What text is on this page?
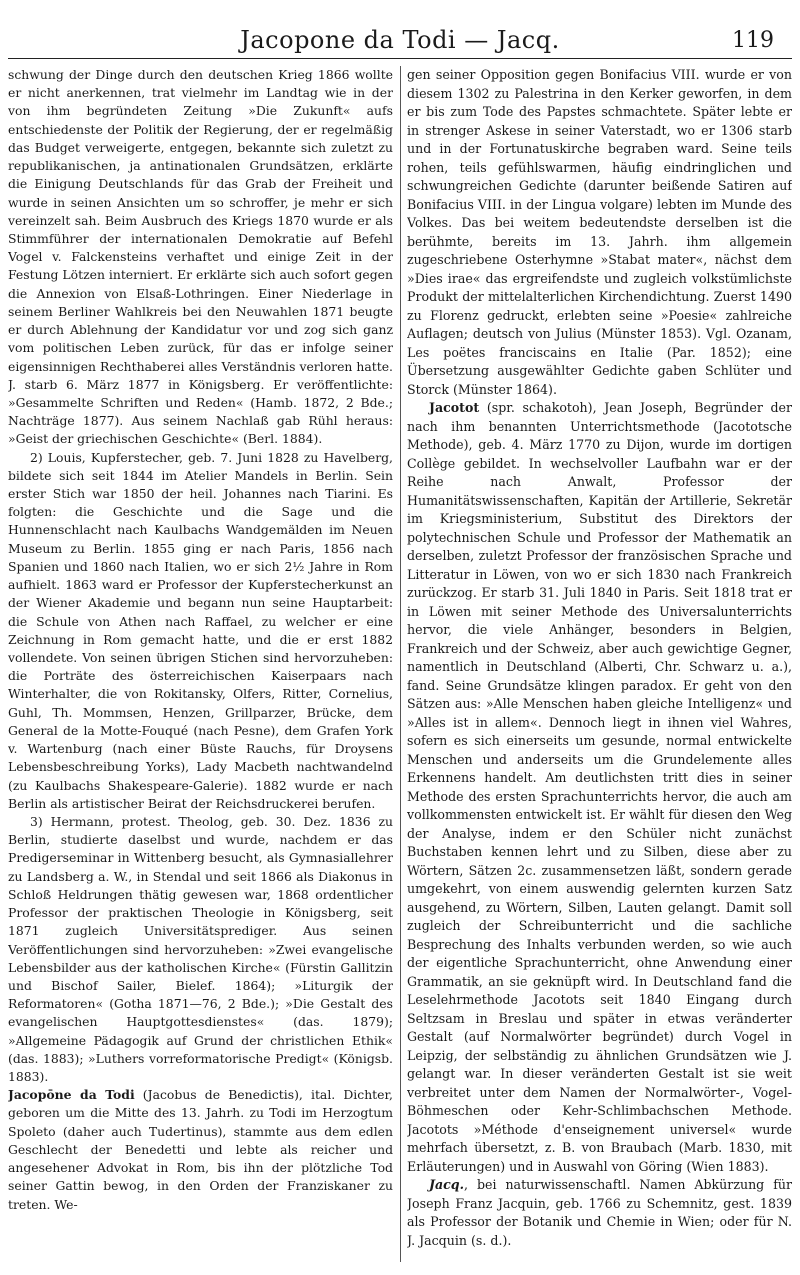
Jacopone da Todi — Jacq.	119

schwung der Dinge durch den deutschen Krieg 1866 wollte er nicht anerkennen, trat vielmehr im Landtag wie in der von ihm begründeten Zeitung »Die Zukunft« aufs entschiedenste der Politik der Regierung, der er regelmäßig das Budget verweigerte, entgegen, bekannte sich zuletzt zu republikanischen, ja antinationalen Grundsätzen, erklärte die Einigung Deutschlands für das Grab der Freiheit und wurde in seinen Ansichten um so schroffer, je mehr er sich vereinzelt sah. Beim Ausbruch des Kriegs 1870 wurde er als Stimmführer der internationalen Demokratie auf Befehl Vogel v. Falckensteins verhaftet und einige Zeit in der Festung Lötzen interniert. Er erklärte sich auch sofort gegen die Annexion von Elsaß-Lothringen. Einer Niederlage in seinem Berliner Wahlkreis bei den Neuwahlen 1871 beugte er durch Ablehnung der Kandidatur vor und zog sich ganz vom politischen Leben zurück, für das er infolge seiner eigensinnigen Rechthaberei alles Verständnis verloren hatte. J. starb 6. März 1877 in Königsberg. Er veröffentlichte: »Gesammelte Schriften und Reden« (Hamb. 1872, 2 Bde.; Nachträge 1877). Aus seinem Nachlaß gab Rühl heraus: »Geist der griechischen Geschichte« (Berl. 1884).

2) Louis, Kupferstecher, geb. 7. Juni 1828 zu Havelberg, bildete sich seit 1844 im Atelier Mandels in Berlin. Sein erster Stich war 1850 der heil. Johannes nach Tiarini. Es folgten: die Geschichte und die Sage und die Hunnenschlacht nach Kaulbachs Wandgemälden im Neuen Museum zu Berlin. 1855 ging er nach Paris, 1856 nach Spanien und 1860 nach Italien, wo er sich 2½ Jahre in Rom aufhielt. 1863 ward er Professor der Kupferstecherkunst an der Wiener Akademie und begann nun seine Hauptarbeit: die Schule von Athen nach Raffael, zu welcher er eine Zeichnung in Rom gemacht hatte, und die er erst 1882 vollendete. Von seinen übrigen Stichen sind hervorzuheben: die Porträte des österreichischen Kaiserpaars nach Winterhalter, die von Rokitansky, Olfers, Ritter, Cornelius, Guhl, Th. Mommsen, Henzen, Grillparzer, Brücke, dem General de la Motte-Fouqué (nach Pesne), dem Grafen York v. Wartenburg (nach einer Büste Rauchs, für Droysens Lebensbeschreibung Yorks), Lady Macbeth nachtwandelnd (zu Kaulbachs Shakespeare-Galerie). 1882 wurde er nach Berlin als artistischer Beirat der Reichsdruckerei berufen.

3) Hermann, protest. Theolog, geb. 30. Dez. 1836 zu Berlin, studierte daselbst und wurde, nachdem er das Predigerseminar in Wittenberg besucht, als Gymnasiallehrer zu Landsberg a. W., in Stendal und seit 1866 als Diakonus in Schloß Heldrungen thätig gewesen war, 1868 ordentlicher Professor der praktischen Theologie in Königsberg, seit 1871 zugleich Universitätsprediger. Aus seinen Veröffentlichungen sind hervorzuheben: »Zwei evangelische Lebensbilder aus der katholischen Kirche« (Fürstin Gallitzin und Bischof Sailer, Bielef. 1864); »Liturgik der Reformatoren« (Gotha 1871—76, 2 Bde.); »Die Gestalt des evangelischen Hauptgottesdienstes« (das. 1879); »Allgemeine Pädagogik auf Grund der christlichen Ethik« (das. 1883); »Luthers vorreformatorische Predigt« (Königsb. 1883).

Jacopōne da Todi (Jacobus de Benedictis), ital. Dichter, geboren um die Mitte des 13. Jahrh. zu Todi im Herzogtum Spoleto (daher auch Tudertinus), stammte aus dem edlen Geschlecht der Benedetti und lebte als reicher und angesehener Advokat in Rom, bis ihn der plötzliche Tod seiner Gattin bewog, in den Orden der Franziskaner zu treten. We-

gen seiner Opposition gegen Bonifacius VIII. wurde er von diesem 1302 zu Palestrina in den Kerker geworfen, in dem er bis zum Tode des Papstes schmachtete. Später lebte er in strenger Askese in seiner Vaterstadt, wo er 1306 starb und in der Fortunatuskirche begraben ward. Seine teils rohen, teils gefühlswarmen, häufig eindringlichen und schwungreichen Gedichte (darunter beißende Satiren auf Bonifacius VIII. in der Lingua volgare) lebten im Munde des Volkes. Das bei weitem bedeutendste derselben ist die berühmte, bereits im 13. Jahrh. ihm allgemein zugeschriebene Osterhymne »Stabat mater«, nächst dem »Dies irae« das ergreifendste und zugleich volkstümlichste Produkt der mittelalterlichen Kirchendichtung. Zuerst 1490 zu Florenz gedruckt, erlebten seine »Poesie« zahlreiche Auflagen; deutsch von Julius (Münster 1853). Vgl. Ozanam, Les poëtes franciscains en Italie (Par. 1852); eine Übersetzung ausgewählter Gedichte gaben Schlüter und Storck (Münster 1864).

Jacotot (spr. schakotoh), Jean Joseph, Begründer der nach ihm benannten Unterrichtsmethode (Jacototsche Methode), geb. 4. März 1770 zu Dijon, wurde im dortigen Collège gebildet. In wechselvoller Laufbahn war er der Reihe nach Anwalt, Professor der Humanitätswissenschaften, Kapitän der Artillerie, Sekretär im Kriegsministerium, Substitut des Direktors der polytechnischen Schule und Professor der Mathematik an derselben, zuletzt Professor der französischen Sprache und Litteratur in Löwen, von wo er sich 1830 nach Frankreich zurückzog. Er starb 31. Juli 1840 in Paris. Seit 1818 trat er in Löwen mit seiner Methode des Universalunterrichts hervor, die viele Anhänger, besonders in Belgien, Frankreich und der Schweiz, aber auch gewichtige Gegner, namentlich in Deutschland (Alberti, Chr. Schwarz u. a.), fand. Seine Grundsätze klingen paradox. Er geht von den Sätzen aus: »Alle Menschen haben gleiche Intelligenz« und »Alles ist in allem«. Dennoch liegt in ihnen viel Wahres, sofern es sich einerseits um gesunde, normal entwickelte Menschen und anderseits um die Grundelemente alles Erkennens handelt. Am deutlichsten tritt dies in seiner Methode des ersten Sprachunterrichts hervor, die auch am vollkommensten entwickelt ist. Er wählt für diesen den Weg der Analyse, indem er den Schüler nicht zunächst Buchstaben kennen lehrt und zu Silben, diese aber zu Wörtern, Sätzen 2c. zusammensetzen läßt, sondern gerade umgekehrt, von einem auswendig gelernten kurzen Satz ausgehend, zu Wörtern, Silben, Lauten gelangt. Damit soll zugleich der Schreibunterricht und die sachliche Besprechung des Inhalts verbunden werden, so wie auch der eigentliche Sprachunterricht, ohne Anwendung einer Grammatik, an sie geknüpft wird. In Deutschland fand die Leselehrmethode Jacotots seit 1840 Eingang durch Seltzsam in Breslau und später in etwas veränderter Gestalt (auf Normalwörter begründet) durch Vogel in Leipzig, der selbständig zu ähnlichen Grundsätzen wie J. gelangt war. In dieser veränderten Gestalt ist sie weit verbreitet unter dem Namen der Normalwörter-, Vogel-Böhmeschen oder Kehr-Schlimbachschen Methode. Jacotots »Méthode d'enseignement universel« wurde mehrfach übersetzt, z. B. von Braubach (Marb. 1830, mit Erläuterungen) und in Auswahl von Göring (Wien 1883).

Jacq., bei naturwissenschaftl. Namen Abkürzung für Joseph Franz Jacquin, geb. 1766 zu Schemnitz, gest. 1839 als Professor der Botanik und Chemie in Wien; oder für N. J. Jacquin (s. d.).
